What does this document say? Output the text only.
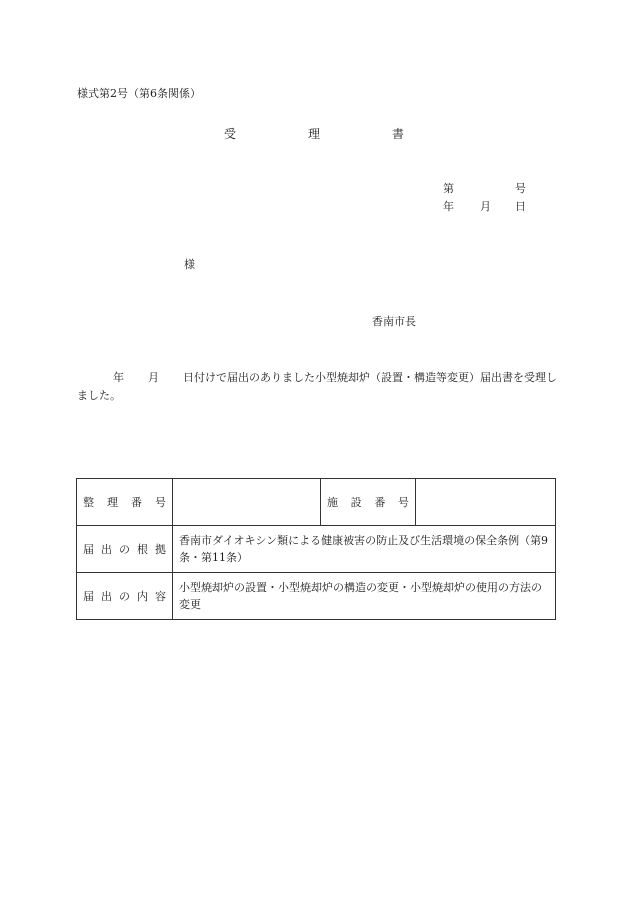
様式第2号（第6条関係）
受	理	書
第	号
年 月 日
様
香南市長
年 月 日付けで届出のありました小型焼却炉（設置・構造等変更）届出書を受理しました。
整 理 番 号		施 設 番 号	
届 出 の 根 拠	香南市ダイオキシン類による健康被害の防止及び生活環境の保全条例（第9条・第11条）		
届 出 の 内 容	小型焼却炉の設置・小型焼却炉の構造の変更・小型焼却炉の使用の方法の変更		
